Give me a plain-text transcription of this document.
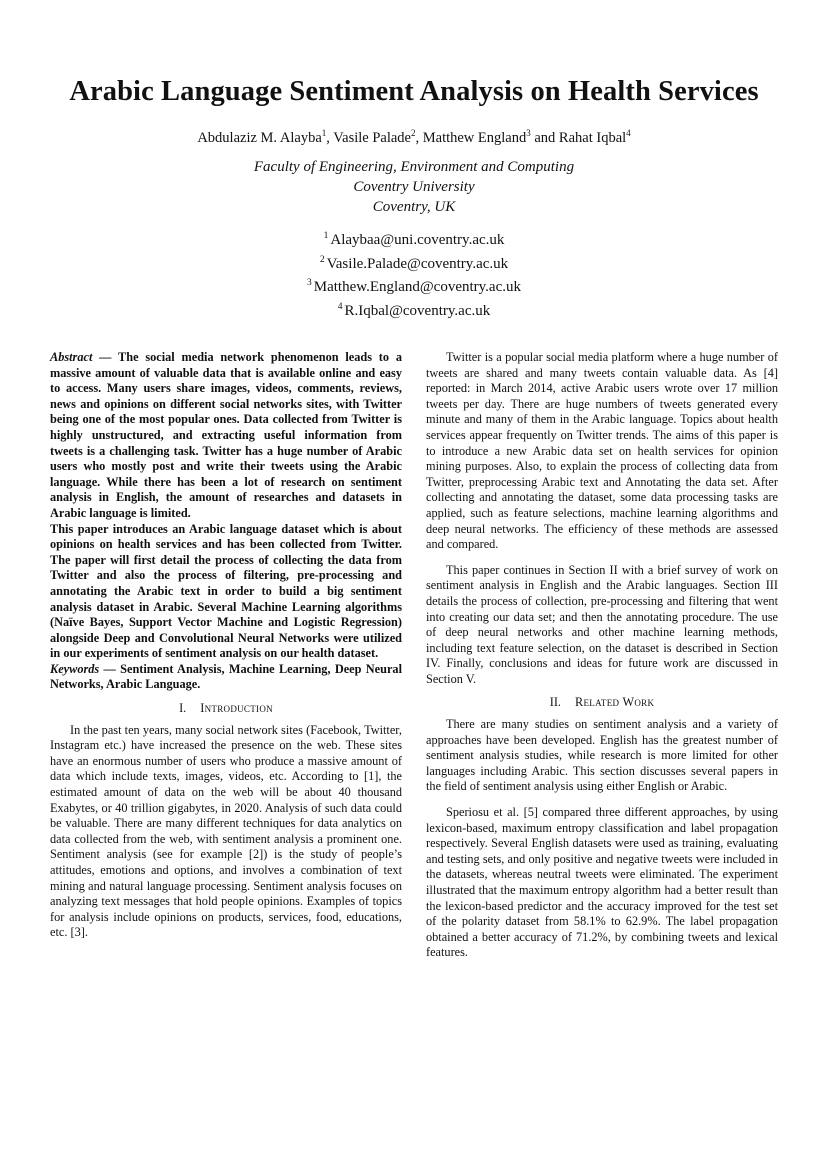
Arabic Language Sentiment Analysis on Health Services
Abdulaziz M. Alayba$^1$, Vasile Palade$^2$, Matthew England$^3$ and Rahat Iqbal$^4$
Faculty of Engineering, Environment and Computing
Coventry University
Coventry, UK
$^1$ Alaybaa@uni.coventry.ac.uk
$^2$ Vasile.Palade@coventry.ac.uk
$^3$ Matthew.England@coventry.ac.uk
$^4$ R.Iqbal@coventry.ac.uk

Abstract — The social media network phenomenon leads to a massive amount of valuable data that is available online and easy to access. Many users share images, videos, comments, reviews, news and opinions on different social networks sites, with Twitter being one of the most popular ones. Data collected from Twitter is highly unstructured, and extracting useful information from tweets is a challenging task. Twitter has a huge number of Arabic users who mostly post and write their tweets using the Arabic language. While there has been a lot of research on sentiment analysis in English, the amount of researches and datasets in Arabic language is limited.

This paper introduces an Arabic language dataset which is about opinions on health services and has been collected from Twitter. The paper will first detail the process of collecting the data from Twitter and also the process of filtering, pre-processing and annotating the Arabic text in order to build a big sentiment analysis dataset in Arabic. Several Machine Learning algorithms (Naïve Bayes, Support Vector Machine and Logistic Regression) alongside Deep and Convolutional Neural Networks were utilized in our experiments of sentiment analysis on our health dataset.

Keywords — Sentiment Analysis, Machine Learning, Deep Neural Networks, Arabic Language.

I. Introduction

In the past ten years, many social network sites (Facebook, Twitter, Instagram etc.) have increased the presence on the web. These sites have an enormous number of users who produce a massive amount of data which include texts, images, videos, etc. According to [1], the estimated amount of data on the web will be about 40 thousand Exabytes, or 40 trillion gigabytes, in 2020. Analysis of such data could be valuable. There are many different techniques for data analytics on data collected from the web, with sentiment analysis a prominent one. Sentiment analysis (see for example [2]) is the study of people’s attitudes, emotions and options, and involves a combination of text mining and natural language processing. Sentiment analysis focuses on analyzing text messages that hold people opinions. Examples of topics for analysis include opinions on products, services, food, educations, etc. [3].

Twitter is a popular social media platform where a huge number of tweets are shared and many tweets contain valuable data. As [4] reported: in March 2014, active Arabic users wrote over 17 million tweets per day. There are huge numbers of tweets generated every minute and many of them in the Arabic language. Topics about health services appear frequently on Twitter trends. The aims of this paper is to introduce a new Arabic data set on health services for opinion mining purposes. Also, to explain the process of collecting data from Twitter, preprocessing Arabic text and Annotating the data set. After collecting and annotating the dataset, some data processing tasks are applied, such as feature selections, machine learning algorithms and deep neural networks. The efficiency of these methods are assessed and compared.

This paper continues in Section II with a brief survey of work on sentiment analysis in English and the Arabic languages. Section III details the process of collection, pre-processing and filtering that went into creating our data set; and then the annotating procedure. The use of deep neural networks and other machine learning methods, including text feature selection, on the dataset is described in Section IV. Finally, conclusions and ideas for future work are discussed in Section V.

II. Related Work

There are many studies on sentiment analysis and a variety of approaches have been developed. English has the greatest number of sentiment analysis studies, while research is more limited for other languages including Arabic. This section discusses several papers in the field of sentiment analysis using either English or Arabic.

Speriosu et al. [5] compared three different approaches, by using lexicon-based, maximum entropy classification and label propagation respectively. Several English datasets were used as training, evaluating and testing sets, and only positive and negative tweets were included in the datasets, whereas neutral tweets were eliminated. The experiment illustrated that the maximum entropy algorithm had a better result than the lexicon-based predictor and the accuracy improved for the test set of the polarity dataset from 58.1% to 62.9%. The label propagation obtained a better accuracy of 71.2%, by combining tweets and lexical features.
